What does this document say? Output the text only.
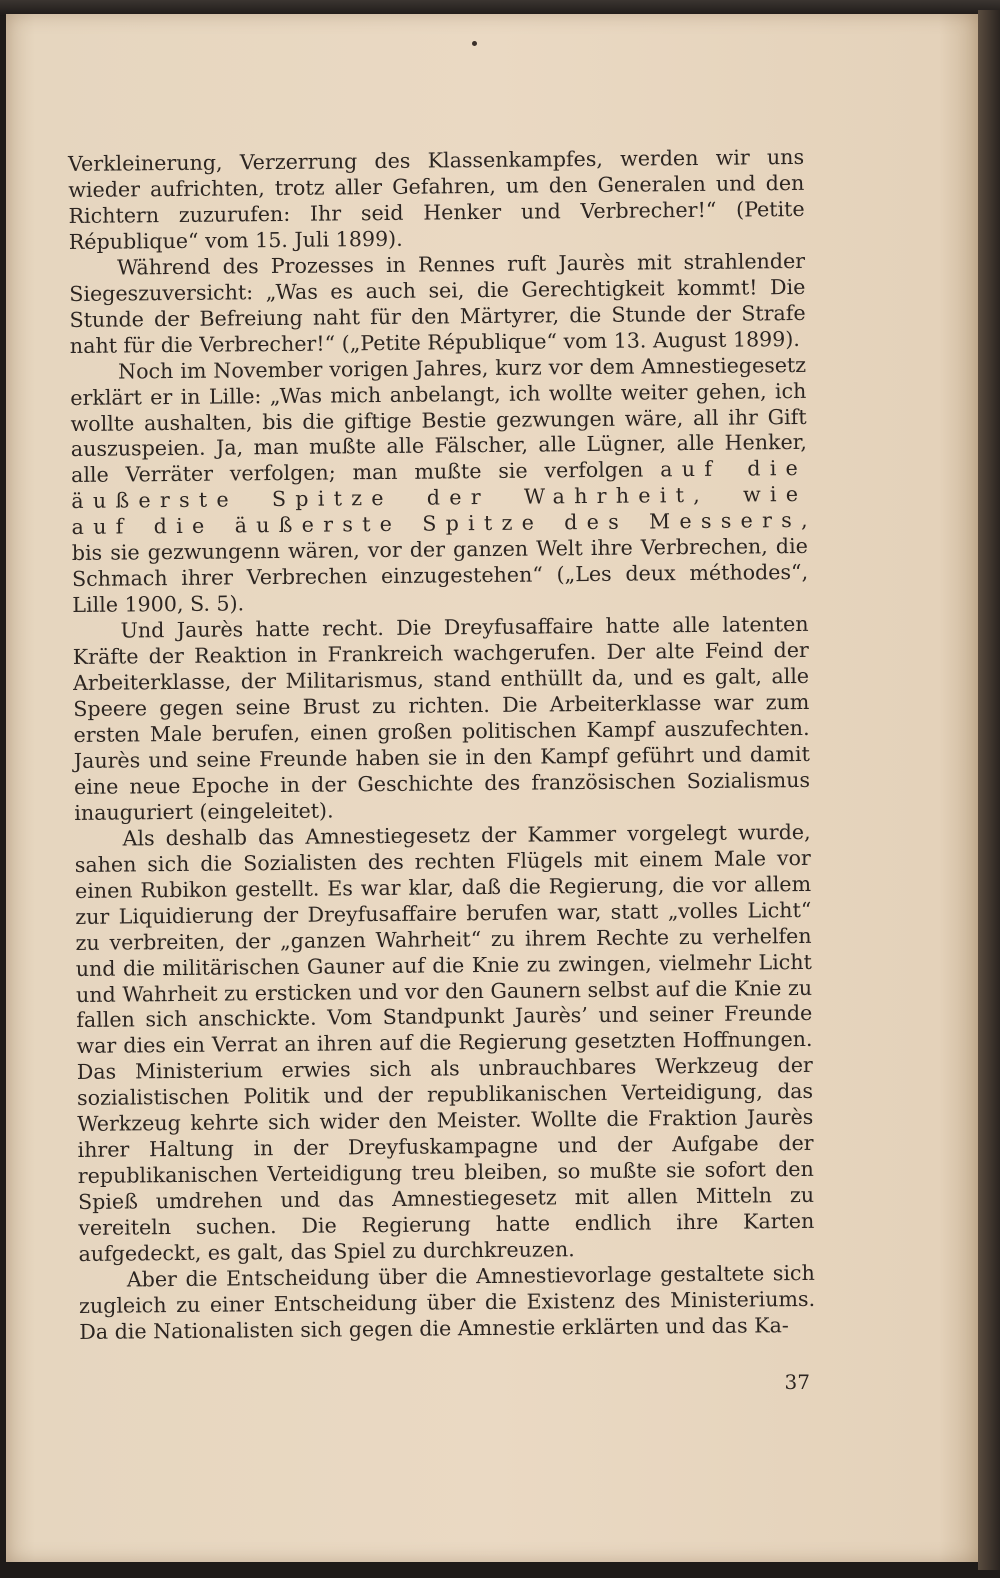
Verkleinerung, Verzerrung des Klassenkampfes, werden wir uns wieder aufrichten, trotz aller Gefahren, um den Generalen und den Richtern zuzurufen: Ihr seid Henker und Verbrecher!“ (Petite République“ vom 15. Juli 1899).

Während des Prozesses in Rennes ruft Jaurès mit strahlender Siegeszuversicht: „Was es auch sei, die Gerechtigkeit kommt! Die Stunde der Befreiung naht für den Märtyrer, die Stunde der Strafe naht für die Verbrecher!“ („Petite République“ vom 13. August 1899).

Noch im November vorigen Jahres, kurz vor dem Amnestiegesetz erklärt er in Lille: „Was mich anbelangt, ich wollte weiter gehen, ich wollte aushalten, bis die giftige Bestie gezwungen wäre, all ihr Gift auszuspeien. Ja, man mußte alle Fälscher, alle Lügner, alle Henker, alle Verräter verfolgen; man mußte sie verfolgen auf die äußerste Spitze der Wahrheit, wie auf die äußerste Spitze des Messers, bis sie gezwungenn wären, vor der ganzen Welt ihre Verbrechen, die Schmach ihrer Verbrechen einzugestehen“ („Les deux méthodes“, Lille 1900, S. 5).

Und Jaurès hatte recht. Die Dreyfusaffaire hatte alle latenten Kräfte der Reaktion in Frankreich wachgerufen. Der alte Feind der Arbeiterklasse, der Militarismus, stand enthüllt da, und es galt, alle Speere gegen seine Brust zu richten. Die Arbeiterklasse war zum ersten Male berufen, einen großen politischen Kampf auszufechten. Jaurès und seine Freunde haben sie in den Kampf geführt und damit eine neue Epoche in der Geschichte des französischen Sozialismus inauguriert (eingeleitet).

Als deshalb das Amnestiegesetz der Kammer vorgelegt wurde, sahen sich die Sozialisten des rechten Flügels mit einem Male vor einen Rubikon gestellt. Es war klar, daß die Regierung, die vor allem zur Liquidierung der Dreyfusaffaire berufen war, statt „volles Licht“ zu verbreiten, der „ganzen Wahrheit“ zu ihrem Rechte zu verhelfen und die militärischen Gauner auf die Knie zu zwingen, vielmehr Licht und Wahrheit zu ersticken und vor den Gaunern selbst auf die Knie zu fallen sich anschickte. Vom Standpunkt Jaurès’ und seiner Freunde war dies ein Verrat an ihren auf die Regierung gesetzten Hoffnungen. Das Ministerium erwies sich als unbrauchbares Werkzeug der sozialistischen Politik und der republikanischen Verteidigung, das Werkzeug kehrte sich wider den Meister. Wollte die Fraktion Jaurès ihrer Haltung in der Dreyfuskampagne und der Aufgabe der republikanischen Verteidigung treu bleiben, so mußte sie sofort den Spieß umdrehen und das Amnestiegesetz mit allen Mitteln zu vereiteln suchen. Die Regierung hatte endlich ihre Karten aufgedeckt, es galt, das Spiel zu durchkreuzen.

Aber die Entscheidung über die Amnestievorlage gestaltete sich zugleich zu einer Entscheidung über die Existenz des Ministeriums. Da die Nationalisten sich gegen die Amnestie erklärten und das Ka-

37
